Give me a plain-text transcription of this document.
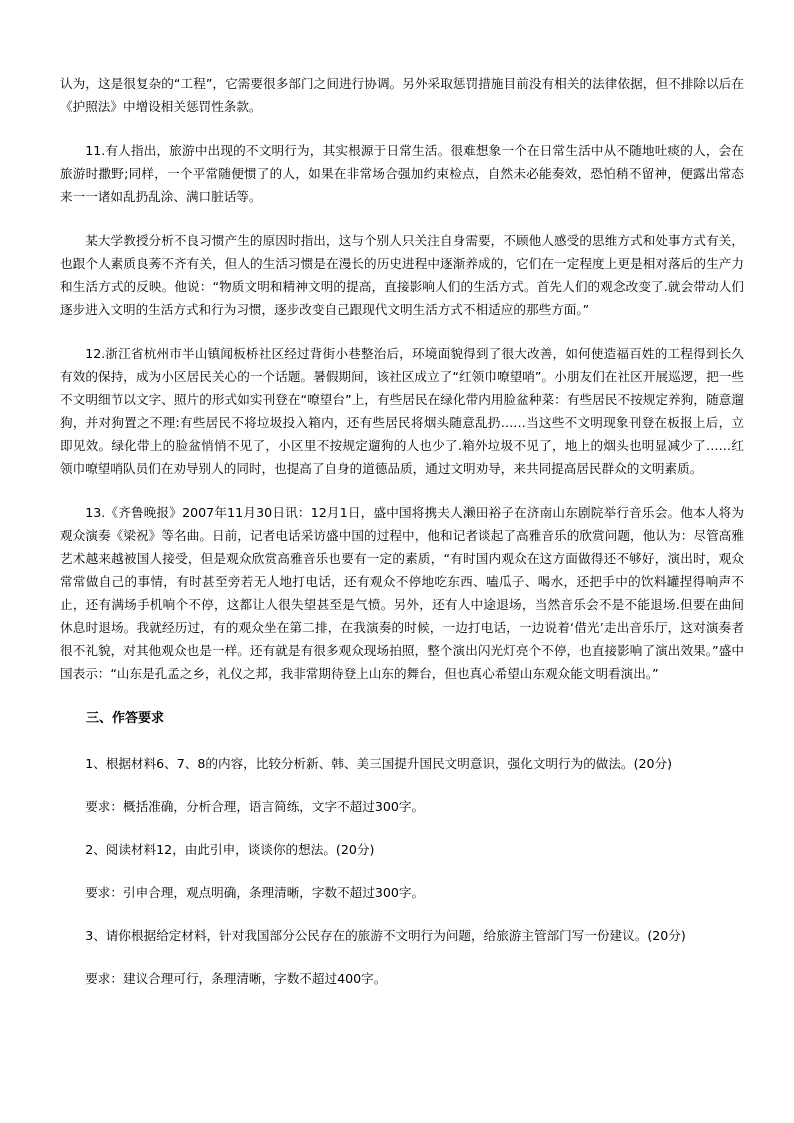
认为，这是很复杂的“工程”，它需要很多部门之间进行协调。另外采取惩罚措施目前没有相关的法律依据，但不排除以后在《护照法》中增设相关惩罚性条款。

11.有人指出，旅游中出现的不文明行为，其实根源于日常生活。很难想象一个在日常生活中从不随地吐痰的人，会在旅游时撒野;同样，一个平常随便惯了的人，如果在非常场合强加约束检点，自然未必能奏效，恐怕稍不留神，便露出常态来一一诸如乱扔乱涂、满口脏话等。

某大学教授分析不良习惯产生的原因时指出，这与个别人只关注自身需要，不顾他人感受的思维方式和处事方式有关，也跟个人素质良莠不齐有关，但人的生活习惯是在漫长的历史进程中逐渐养成的，它们在一定程度上更是相对落后的生产力和生活方式的反映。他说：“物质文明和精神文明的提高，直接影响人们的生活方式。首先人们的观念改变了.就会带动人们逐步进入文明的生活方式和行为习惯，逐步改变自己跟现代文明生活方式不相适应的那些方面。”

12.浙江省杭州市半山镇闻板桥社区经过背街小巷整治后，环境面貌得到了很大改善，如何使造福百姓的工程得到长久有效的保持，成为小区居民关心的一个话题。暑假期间，该社区成立了“红领巾嘹望哨”。小朋友们在社区开展巡逻，把一些不文明细节以文字、照片的形式如实刊登在“嘹望台”上，有些居民在绿化带内用脸盆种菜：有些居民不按规定养狗，随意遛狗，并对狗置之不理:有些居民不将垃圾投入箱内，还有些居民将烟头随意乱扔……当这些不文明现象刊登在板报上后，立即见效。绿化带上的脸盆悄悄不见了，小区里不按规定遛狗的人也少了.箱外垃圾不见了，地上的烟头也明显减少了……红领巾嘹望哨队员们在劝导别人的同时，也提高了自身的道德品质，通过文明劝导，来共同提高居民群众的文明素质。

13.《齐鲁晚报》2007年11月30日讯：12月1日，盛中国将携夫人濑田裕子在济南山东剧院举行音乐会。他本人将为观众演奏《梁祝》等名曲。日前，记者电话采访盛中国的过程中，他和记者谈起了高雅音乐的欣赏问题，他认为：尽管高雅艺术越来越被国人接受，但是观众欣赏高雅音乐也要有一定的素质，“有时国内观众在这方面做得还不够好，演出时，观众常常做自己的事情，有时甚至旁若无人地打电话，还有观众不停地吃东西、嗑瓜子、喝水，还把手中的饮料罐捏得响声不止，还有满场手机响个不停，这都让人很失望甚至是气愤。另外，还有人中途退场，当然音乐会不是不能退场.但要在曲间休息时退场。我就经历过，有的观众坐在第二排，在我演奏的时候，一边打电话，一边说着‘借光’走出音乐厅，这对演奏者很不礼貌，对其他观众也是一样。还有就是有很多观众现场拍照，整个演出闪光灯亮个不停，也直接影响了演出效果。”盛中国表示：“山东是孔孟之乡，礼仪之邦，我非常期待登上山东的舞台，但也真心希望山东观众能文明看演出。”

三、作答要求

1、根据材料6、7、8的内容，比较分析新、韩、美三国提升国民文明意识，强化文明行为的做法。(20分)

要求：概括准确，分析合理，语言简练，文字不超过300字。

2、阅读材料12，由此引申，谈谈你的想法。(20分)

要求：引申合理，观点明确，条理清晰，字数不超过300字。

3、请你根据给定材料，针对我国部分公民存在的旅游不文明行为问题，给旅游主管部门写一份建议。(20分)

要求：建议合理可行，条理清晰，字数不超过400字。
